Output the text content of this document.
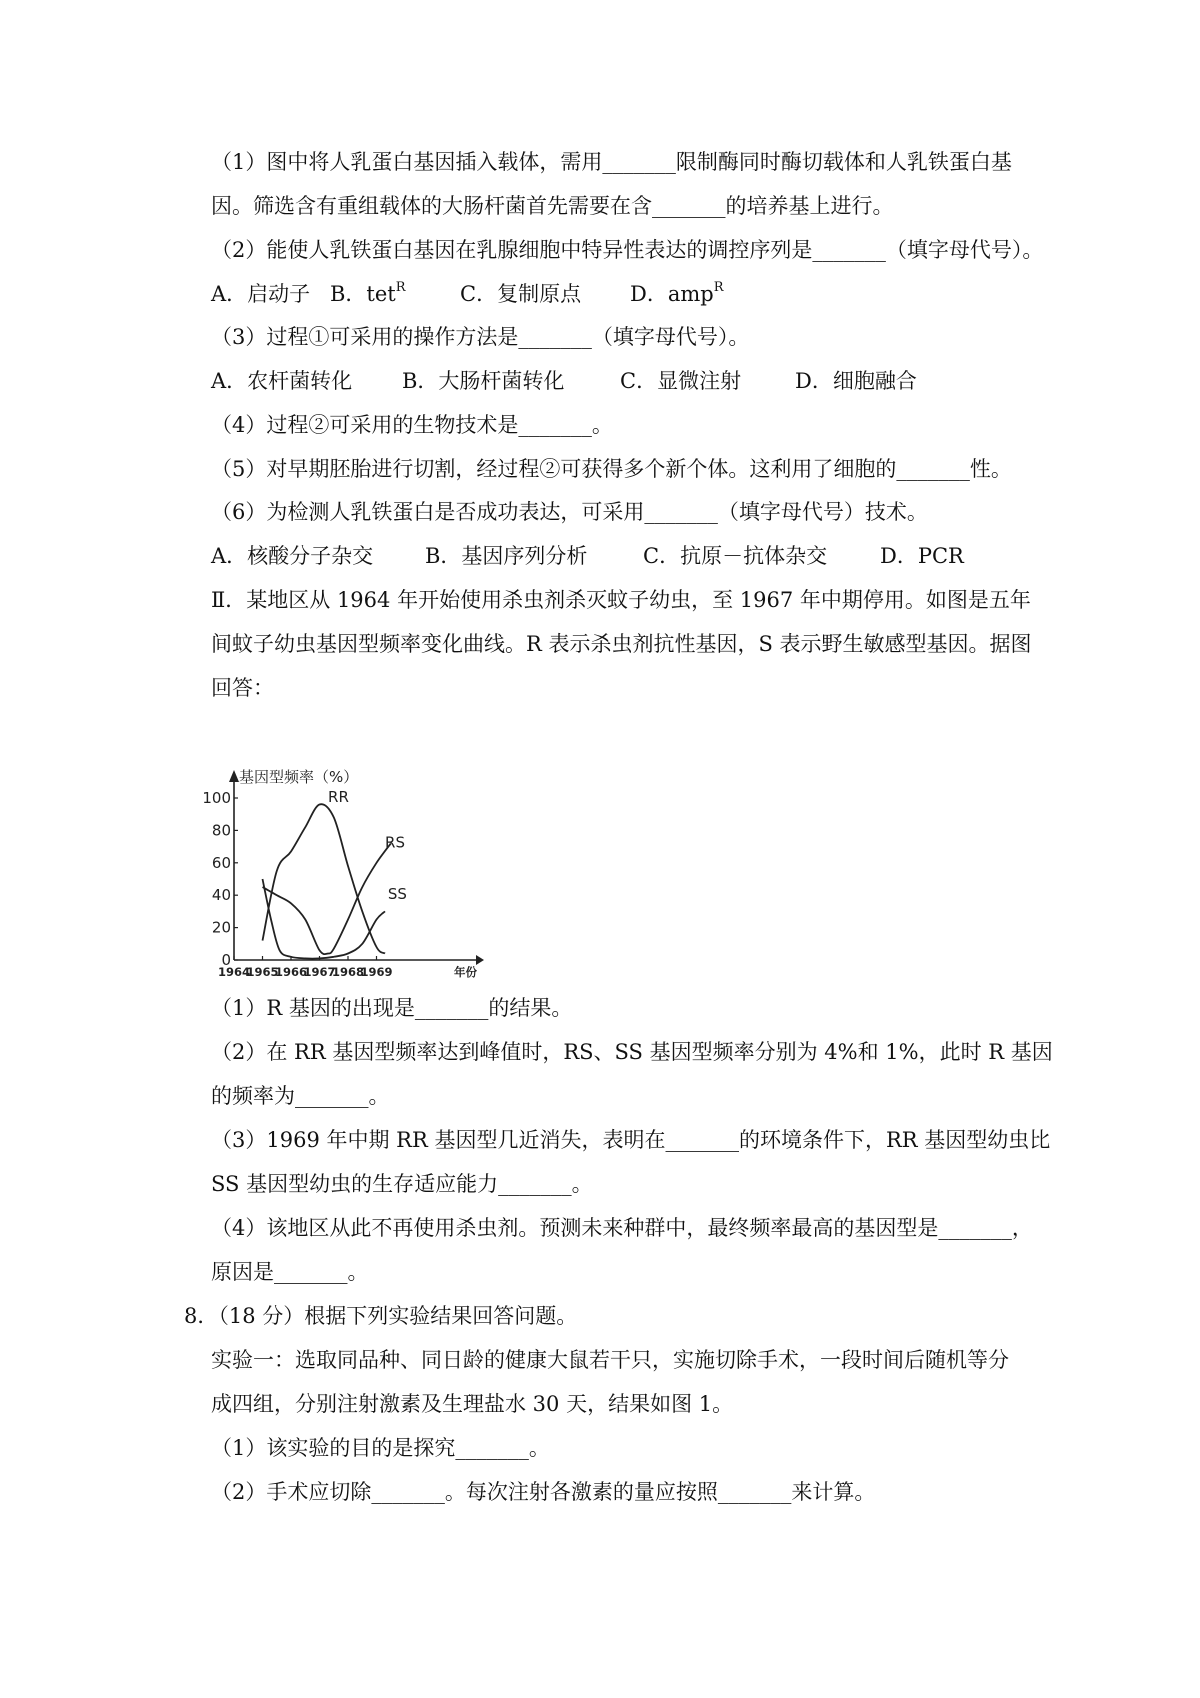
（1）图中将人乳蛋白基因插入载体，需用_______限制酶同时酶切载体和人乳铁蛋白基
因。筛选含有重组载体的大肠杆菌首先需要在含_______的培养基上进行。
（2）能使人乳铁蛋白基因在乳腺细胞中特异性表达的调控序列是_______（填字母代号）。
A．启动子 B．tet$^R$	C．复制原点 D．amp$^R$
（3）过程①可采用的操作方法是_______（填字母代号）。
A．农杆菌转化 B．大肠杆菌转化	C．显微注射	D．细胞融合
（4）过程②可采用的生物技术是_______。
（5）对早期胚胎进行切割，经过程②可获得多个新个体。这利用了细胞的_______性。
（6）为检测人乳铁蛋白是否成功表达，可采用_______（填字母代号）技术。
A．核酸分子杂交 B．基因序列分析	C．抗原－抗体杂交	D．PCR
Ⅱ．某地区从 1964 年开始使用杀虫剂杀灭蚊子幼虫，至 1967 年中期停用。如图是五年
间蚊子幼虫基因型频率变化曲线。R 表示杀虫剂抗性基因，S 表示野生敏感型基因。据图
回答：
0
20
40
60
80
100
1964
1965
1966
1967
1968
1969	年份
基因型频率（%）
RR
RS
SS
（1）R 基因的出现是_______的结果。
（2）在 RR 基因型频率达到峰值时，RS、SS 基因型频率分别为 4%和 1%，此时 R 基因
的频率为_______。
（3）1969 年中期 RR 基因型几近消失，表明在_______的环境条件下，RR 基因型幼虫比
SS 基因型幼虫的生存适应能力_______。
（4）该地区从此不再使用杀虫剂。预测未来种群中，最终频率最高的基因型是_______，
原因是_______。
8．（18 分）根据下列实验结果回答问题。
实验一：选取同品种、同日龄的健康大鼠若干只，实施切除手术，一段时间后随机等分
成四组，分别注射激素及生理盐水 30 天，结果如图 1。
（1）该实验的目的是探究_______。
（2）手术应切除_______。每次注射各激素的量应按照_______来计算。
